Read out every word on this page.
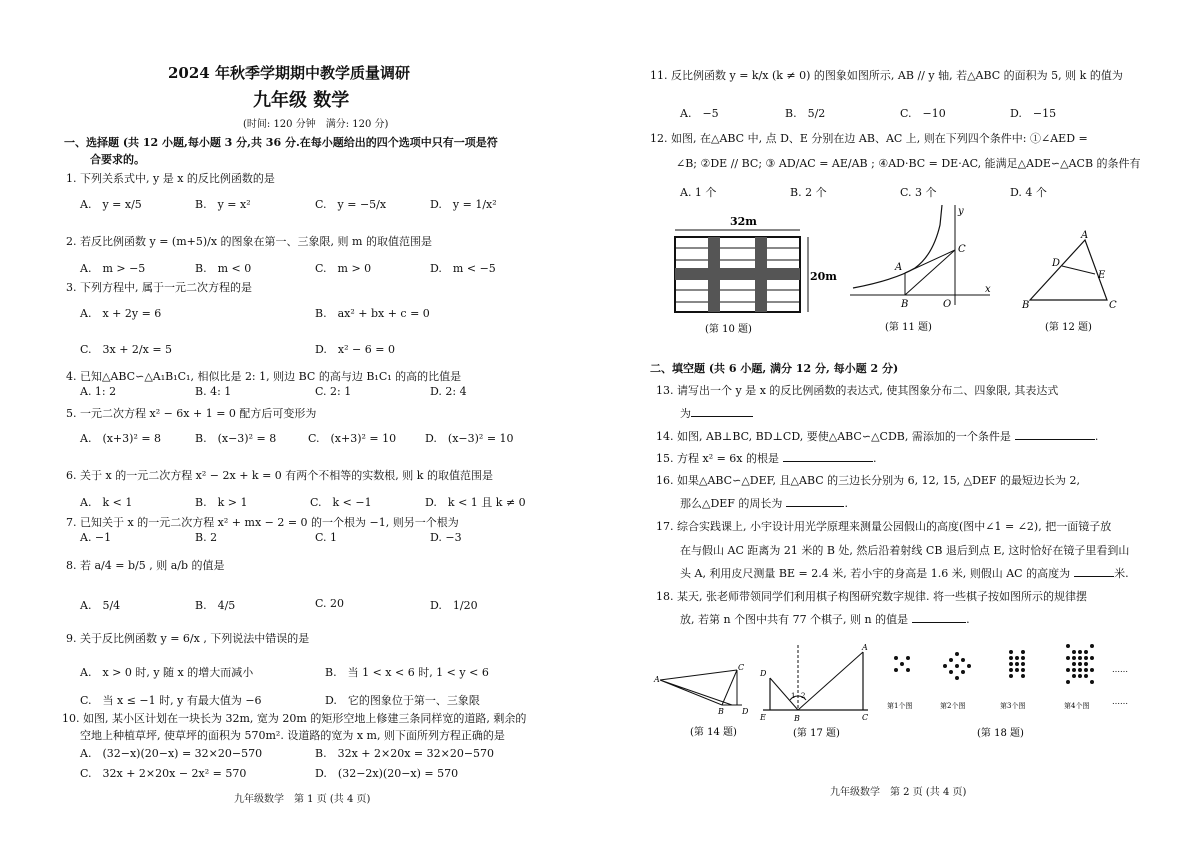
2024 年秋季学期期中教学质量调研
九年级 数学
(时间: 120 分钟　满分: 120 分)
一、选择题 (共 12 小题,每小题 3 分,共 36 分.在每小题给出的四个选项中只有一项是符
合要求的。
1. 下列关系式中, y 是 x 的反比例函数的是
A.　y = x/5	B.　y = x²	C.　y = −5/x	D.　y = 1/x²
2. 若反比例函数 y = (m+5)/x 的图象在第一、三象限, 则 m 的取值范围是
A.　m > −5	B.　m < 0	C.　m > 0	D.　m < −5
3. 下列方程中, 属于一元二次方程的是
A.　x + 2y = 6	B.　ax² + bx + c = 0
C.　3x + 2/x = 5	D.　x² − 6 = 0
4. 已知△ABC∽△A₁B₁C₁, 相似比是 2: 1, 则边 BC 的高与边 B₁C₁ 的高的比值是
A. 1: 2	B. 4: 1	C. 2: 1	D. 2: 4
5. 一元二次方程 x² − 6x + 1 = 0 配方后可变形为
A.　(x+3)² = 8	B.　(x−3)² = 8	C.　(x+3)² = 10	D.　(x−3)² = 10
6. 关于 x 的一元二次方程 x² − 2x + k = 0 有两个不相等的实数根, 则 k 的取值范围是
A.　k < 1	B.　k > 1	C.　k < −1	D.　k < 1 且 k ≠ 0
7. 已知关于 x 的一元二次方程 x² + mx − 2 = 0 的一个根为 −1, 则另一个根为
A. −1	B. 2	C. 1	D. −3
8. 若 a/4 = b/5 , 则 a/b 的值是
A.　5/4	B.　4/5	C. 20	D.　1/20
9. 关于反比例函数 y = 6/x , 下列说法中错误的是
A.　x > 0 时, y 随 x 的增大而减小	B.　当 1 < x < 6 时, 1 < y < 6
C.　当 x ≤ −1 时, y 有最大值为 −6	D.　它的图象位于第一、三象限
10. 如图, 某小区计划在一块长为 32m, 宽为 20m 的矩形空地上修建三条同样宽的道路, 剩余的
空地上种植草坪, 使草坪的面积为 570m². 设道路的宽为 x m, 则下面所列方程正确的是
A.　(32−x)(20−x) = 32×20−570	B.　32x + 2×20x = 32×20−570
C.　32x + 2×20x − 2x² = 570	D.　(32−2x)(20−x) = 570
九年级数学　第 1 页 (共 4 页)
11. 反比例函数 y = k/x (k ≠ 0) 的图象如图所示, AB // y 轴, 若△ABC 的面积为 5, 则 k 的值为
A.　−5	B.　5/2	C.　−10	D.　−15
12. 如图, 在△ABC 中, 点 D、E 分别在边 AB、AC 上, 则在下列四个条件中: ①∠AED =
∠B; ②DE // BC; ③ AD/AC = AE/AB ; ④AD·BC = DE·AC, 能满足△ADE∽△ACB 的条件有
A. 1 个	B. 2 个	C. 3 个	D. 4 个
32m
20m
(第 10 题)
y
x
A
B
C
O
(第 11 题)
A
B	C
D
E
(第 12 题)
二、填空题 (共 6 小题, 满分 12 分, 每小题 2 分)
13. 请写出一个 y 是 x 的反比例函数的表达式, 使其图象分布二、四象限, 其表达式
为
14. 如图, AB⊥BC, BD⊥CD, 要使△ABC∽△CDB, 需添加的一个条件是	.
15. 方程 x² = 6x 的根是	.
16. 如果△ABC∽△DEF, 且△ABC 的三边长分别为 6, 12, 15, △DEF 的最短边长为 2,
那么△DEF 的周长为	.
17. 综合实践课上, 小宇设计用光学原理来测量公园假山的高度(图中∠1 = ∠2), 把一面镜子放
在与假山 AC 距离为 21 米的 B 处, 然后沿着射线 CB 退后到点 E, 这时恰好在镜子里看到山
头 A, 利用皮尺测量 BE = 2.4 米, 若小宇的身高是 1.6 米, 则假山 AC 的高度为	米.
18. 某天, 张老师带领同学们利用棋子构图研究数字规律. 将一些棋子按如图所示的规律摆
放, 若第 n 个图中共有 77 个棋子, 则 n 的值是	.
A
B
C
D
(第 14 题)
A
B	C
D
E
1 2
(第 17 题)
第1个图	第2个图	第3个图	第4个图
……
……
(第 18 题)
九年级数学　第 2 页 (共 4 页)
